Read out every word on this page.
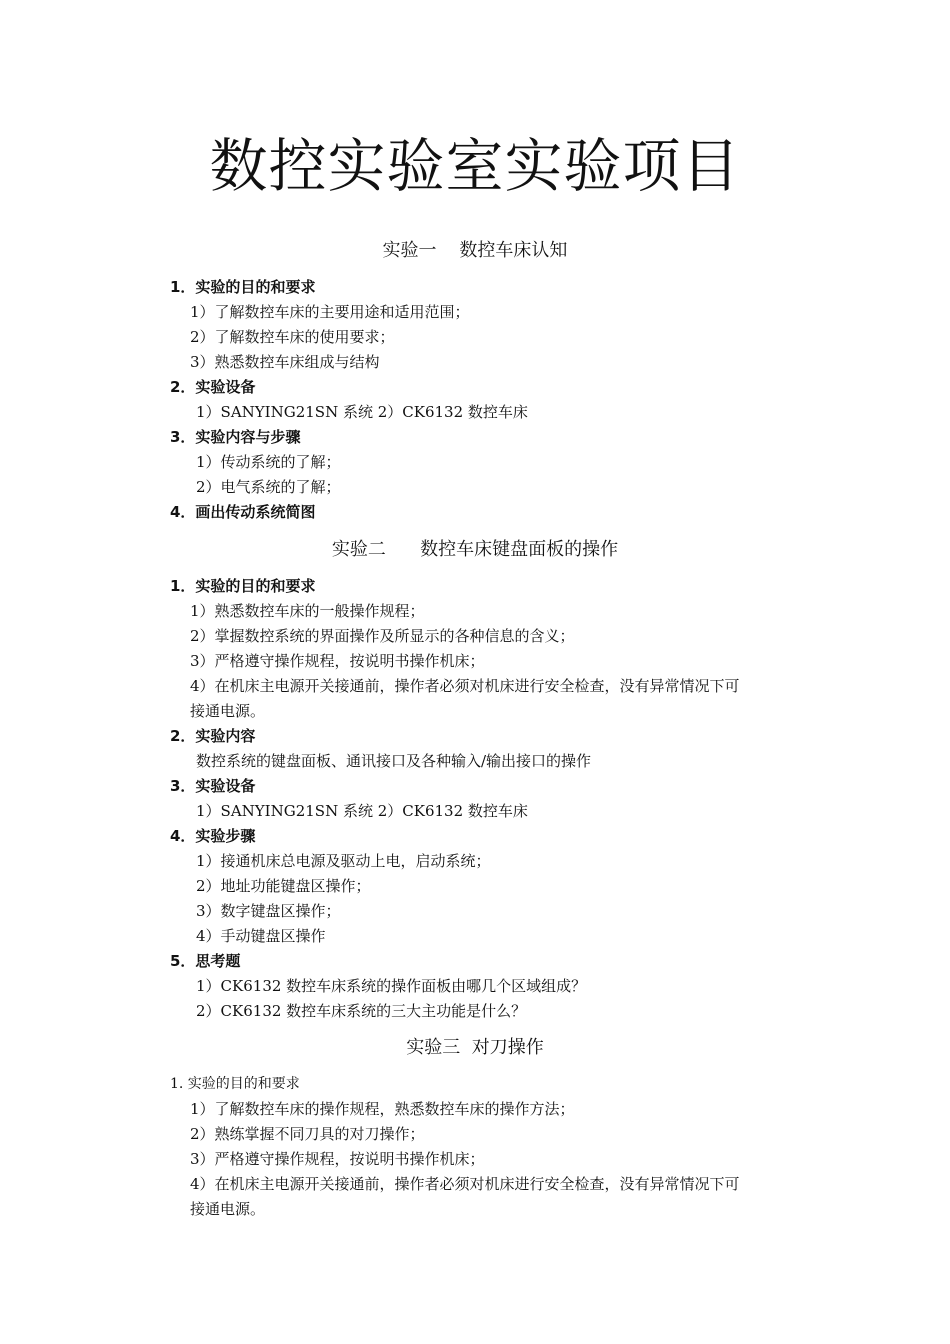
数控实验室实验项目
实验一    数控车床认知
1．实验的目的和要求
1）了解数控车床的主要用途和适用范围；
2）了解数控车床的使用要求；
3）熟悉数控车床组成与结构
2．实验设备
1）SANYING21SN 系统 2）CK6132 数控车床
3．实验内容与步骤
1）传动系统的了解；
2）电气系统的了解；
4．画出传动系统简图
实验二      数控车床键盘面板的操作
1．实验的目的和要求
1）熟悉数控车床的一般操作规程；
2）掌握数控系统的界面操作及所显示的各种信息的含义；
3）严格遵守操作规程，按说明书操作机床；
4）在机床主电源开关接通前，操作者必须对机床进行安全检查，没有异常情况下可
接通电源。
2．实验内容
数控系统的键盘面板、通讯接口及各种输入/输出接口的操作
3．实验设备
1）SANYING21SN 系统 2）CK6132 数控车床
4．实验步骤
1）接通机床总电源及驱动上电，启动系统；
2）地址功能键盘区操作；
3）数字键盘区操作；
4）手动键盘区操作
5．思考题
1）CK6132 数控车床系统的操作面板由哪几个区域组成？
2）CK6132 数控车床系统的三大主功能是什么？
实验三  对刀操作
1. 实验的目的和要求
1）了解数控车床的操作规程，熟悉数控车床的操作方法；
2）熟练掌握不同刀具的对刀操作；
3）严格遵守操作规程，按说明书操作机床；
4）在机床主电源开关接通前，操作者必须对机床进行安全检查，没有异常情况下可
接通电源。
